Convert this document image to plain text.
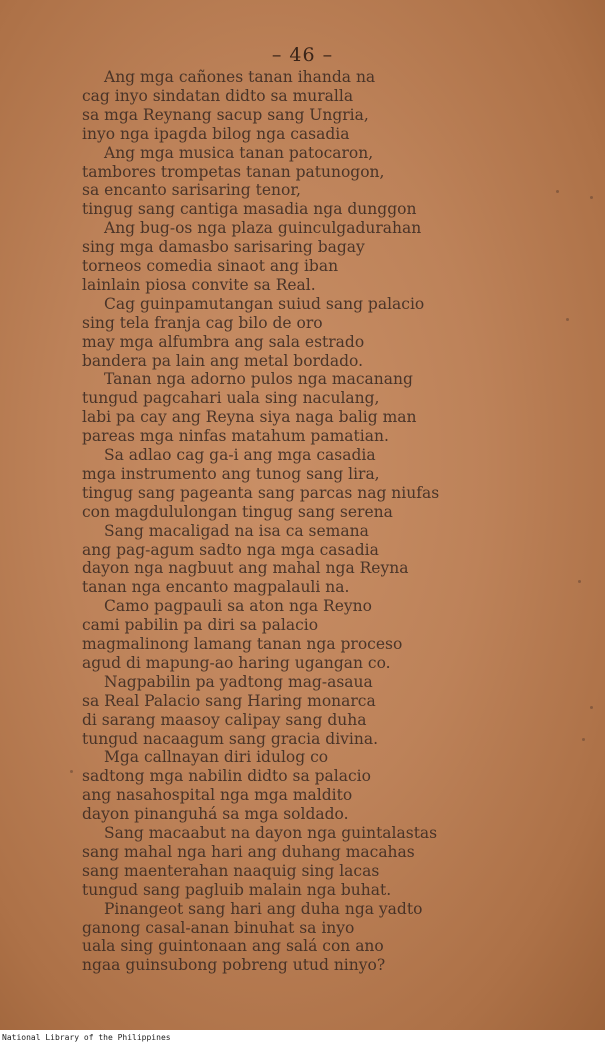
– 46 –
Ang mga cañones tanan ihanda na
cag inyo sindatan didto sa muralla
sa mga Reynang sacup sang Ungria,
inyo nga ipagda bilog nga casadia
Ang mga musica tanan patocaron,
tambores trompetas tanan patunogon,
sa encanto sarisaring tenor,
tingug sang cantiga masadia nga dunggon
Ang bug-os nga plaza guinculgadurahan
sing mga damasbo sarisaring bagay
torneos comedia sinaot ang iban
lainlain piosa convite sa Real.
Cag guinpamutangan suiud sang palacio
sing tela franja cag bilo de oro
may mga alfumbra ang sala estrado
bandera pa lain ang metal bordado.
Tanan nga adorno pulos nga macanang
tungud pagcahari uala sing naculang,
labi pa cay ang Reyna siya naga balig man
pareas mga ninfas matahum pamatian.
Sa adlao cag ga-i ang mga casadia
mga instrumento ang tunog sang lira,
tingug sang pageanta sang parcas nag niufas
con magdululongan tingug sang serena
Sang macaligad na isa ca semana
ang pag-agum sadto nga mga casadia
dayon nga nagbuut ang mahal nga Reyna
tanan nga encanto magpalauli na.
Camo pagpauli sa aton nga Reyno
cami pabilin pa diri sa palacio
magmalinong lamang tanan nga proceso
agud di mapung-ao haring ugangan co.
Nagpabilin pa yadtong mag-asaua
sa Real Palacio sang Haring monarca
di sarang maasoy calipay sang duha
tungud nacaagum sang gracia divina.
Mga callnayan diri idulog co
sadtong mga nabilin didto sa palacio
ang nasahospital nga mga maldito
dayon pinanguhá sa mga soldado.
Sang macaabut na dayon nga guintalastas
sang mahal nga hari ang duhang macahas
sang maenterahan naaquig sing lacas
tungud sang pagluib malain nga buhat.
Pinangeot sang hari ang duha nga yadto
ganong casal-anan binuhat sa inyo
uala sing guintonaan ang salá con ano
ngaa guinsubong pobreng utud ninyo?
National Library of the Philippines
